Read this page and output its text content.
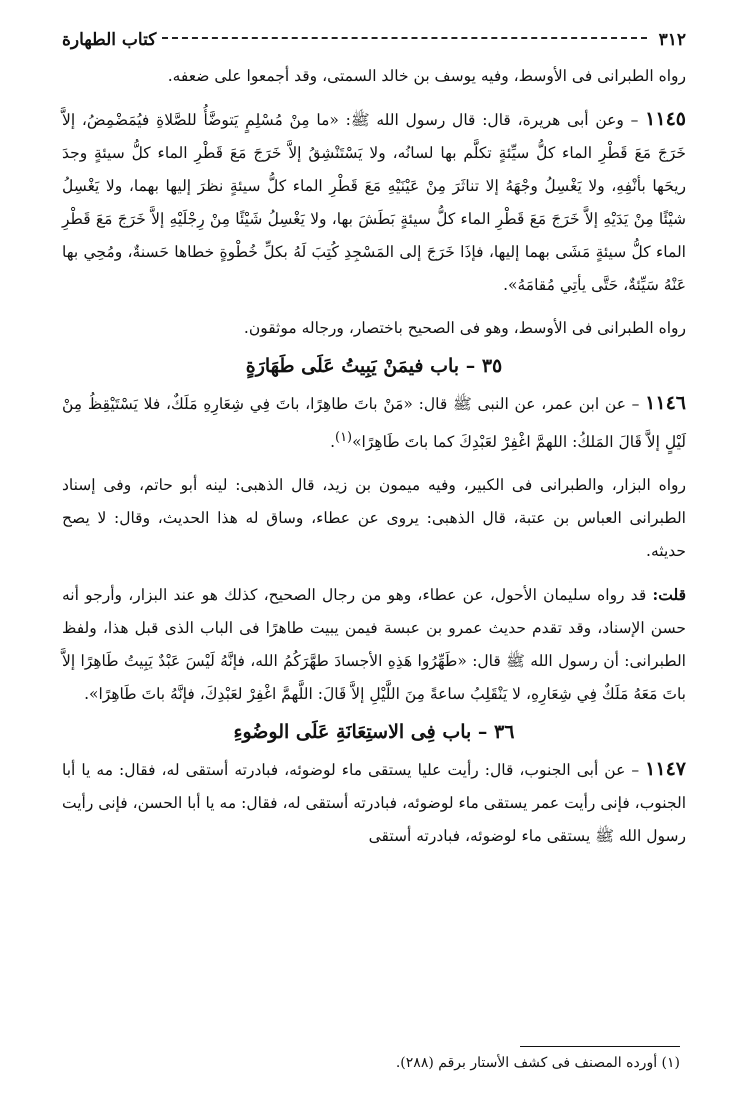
٣١٢
كتاب الطهارة

رواه الطبرانى فى الأوسط، وفيه يوسف بن خالد السمتى، وقد أجمعوا على ضعفه.

١١٤٥ – وعن أبى هريرة، قال: قال رسول الله ﷺ: «ما مِنْ مُسْلِمٍ يَتوضَّأُ للصَّلاةِ فيُمَضْمِضُ، إلاَّ خَرَجَ مَعَ قَطْرِ الماء كلُّ سيِّئةٍ تكلَّم بها لسانُه، ولا يَسْتَنْشِقُ إلاَّ خَرَجَ مَعَ قَطْرِ الماء كلُّ سيئةٍ وجدَ ريحَها بأنْفِهِ، ولا يَغْسِلُ وجْهَهُ إلا تناثَرَ مِنْ عَيْنَيْهِ مَعَ قَطْرِ الماء كلُّ سيئةٍ نظرَ إليها بهما، ولا يَغْسِلُ شيْئًا مِنْ يَدَيْهِ إلاَّ خَرَجَ مَعَ قَطْرِ الماء كلُّ سيئةٍ بَطَشَ بها، ولا يَغْسِلُ شَيْئًا مِنْ رِجْلَيْهِ إلاَّ خَرَجَ مَعَ قَطْرِ الماء كلُّ سيئةٍ مَشَى بهما إليها، فإذَا خَرَجَ إلى المَسْجِدِ كُتِبَ لَهُ بكلِّ خُطْوةٍ خطاها حَسنةٌ، ومُحِي بها عَنْهُ سَيِّئةٌ، حَتَّى يأتِي مُقامَهُ».

رواه الطبرانى فى الأوسط، وهو فى الصحيح باختصار، ورجاله موثقون.

٣٥ – باب فيمَنْ يَبِيتُ عَلَى طَهَارَةٍ

١١٤٦ – عن ابن عمر، عن النبى ﷺ قال: «مَنْ باتَ طاهِرًا، باتَ فِي شِعَارِهِ مَلَكٌ، فلا يَسْتَيْقِظُ مِنْ لَيْلٍ إلاَّ قَالَ المَلكُ: اللهمَّ اغْفِرْ لعَبْدِكَ كما باتَ طَاهِرًا»$^{(١)}$.

رواه البزار، والطبرانى فى الكبير، وفيه ميمون بن زيد، قال الذهبى: لينه أبو حاتم، وفى إسناد الطبرانى العباس بن عتبة، قال الذهبى: يروى عن عطاء، وساق له هذا الحديث، وقال: لا يصح حديثه.

قلت: قد رواه سليمان الأحول، عن عطاء، وهو من رجال الصحيح، كذلك هو عند البزار، وأرجو أنه حسن الإسناد، وقد تقدم حديث عمرو بن عبسة فيمن يبيت طاهرًا فى الباب الذى قبل هذا، ولفظ الطبرانى: أن رسول الله ﷺ قال: «طَهِّرُوا هَذِهِ الأجسادَ طهَّرَكُمُ الله، فإنَّهُ لَيْسَ عَبْدٌ يَبِيتُ طَاهِرًا إلاَّ باتَ مَعَهُ مَلَكٌ فِي شِعَارِهِ، لا يَنْقَلِبُ ساعةً مِنَ اللَّيْلِ إلاَّ قَالَ: اللَّهمَّ اغْفِرْ لعَبْدِكَ، فإنَّهُ باتَ طَاهِرًا».

٣٦ – باب فِى الاستِعَانَةِ عَلَى الوضُوءِ

١١٤٧ – عن أبى الجنوب، قال: رأيت عليا يستقى ماء لوضوئه، فبادرته أستقى له، فقال: مه يا أبا الجنوب، فإنى رأيت عمر يستقى ماء لوضوئه، فبادرته أستقى له، فقال: مه يا أبا الحسن، فإنى رأيت رسول الله ﷺ يستقى ماء لوضوئه، فبادرته أستقى

(١) أورده المصنف فى كشف الأستار برقم (٢٨٨).
